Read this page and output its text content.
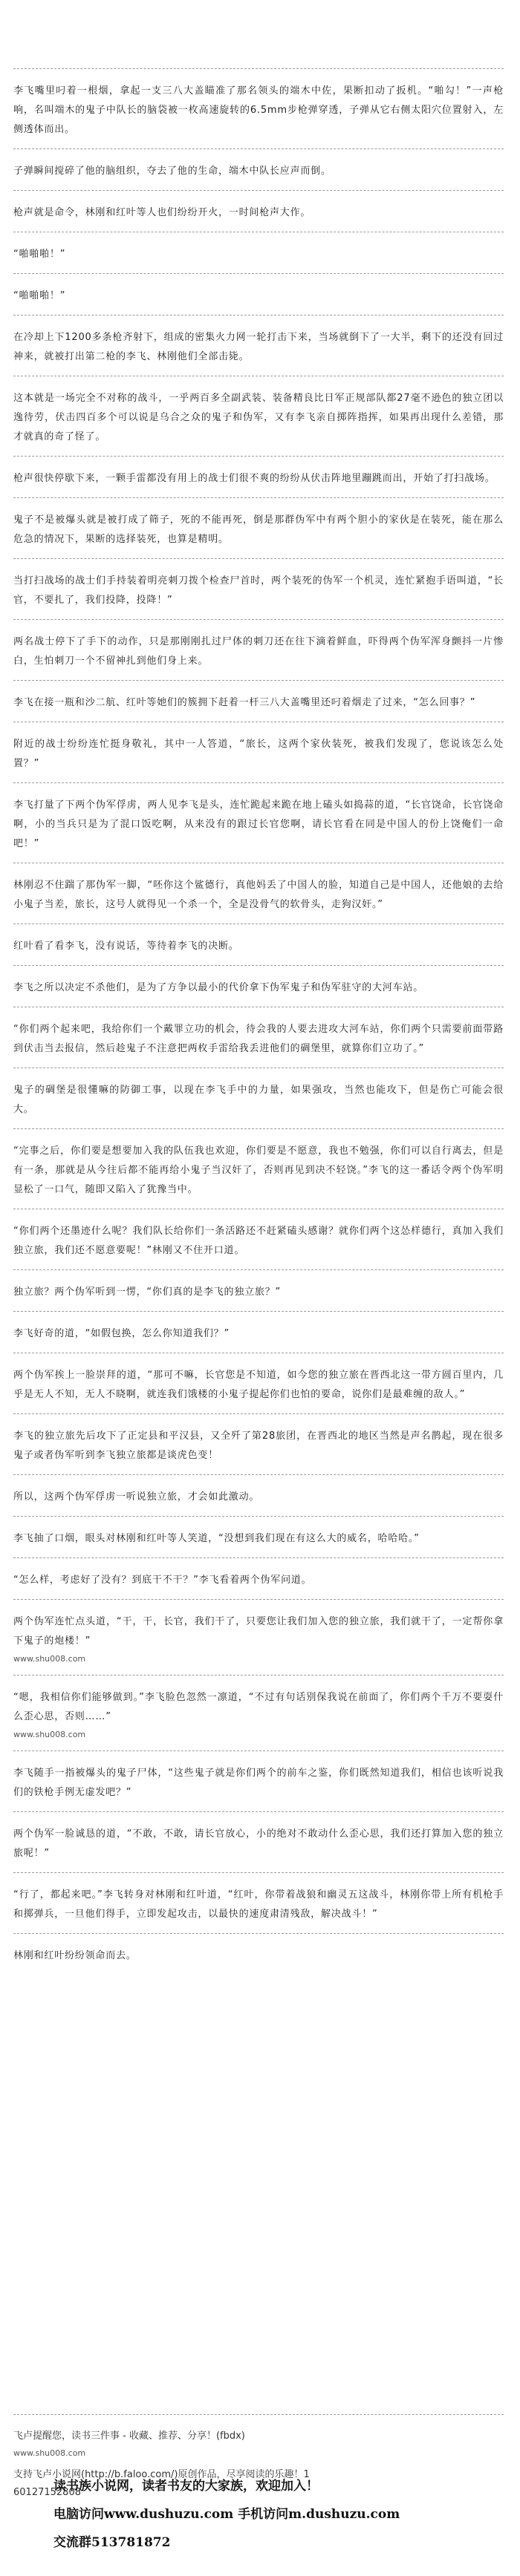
李飞嘴里叼着一根烟，拿起一支三八大盖瞄准了那名领头的端木中佐，果断扣动了扳机。“啪勾！”一声枪响，名叫端木的鬼子中队长的脑袋被一枚高速旋转的6.5mm步枪弹穿透，子弹从它右侧太阳穴位置射入，左侧透体而出。

子弹瞬间搅碎了他的脑组织，夺去了他的生命，端木中队长应声而倒。

枪声就是命令，林刚和红叶等人也们纷纷开火，一时间枪声大作。

“啪啪啪！”

“啪啪啪！”

在冷却上下1200多条枪齐射下，组成的密集火力网一轮打击下来，当场就倒下了一大半，剩下的还没有回过神来，就被打出第二枪的李飞、林刚他们全部击毙。

这本就是一场完全不对称的战斗，一乎两百多全副武装、装备精良比日军正规部队都27毫不逊色的独立团以逸待劳，伏击四百多个可以说是乌合之众的鬼子和伪军，又有李飞亲自掷阵指挥，如果再出现什么差错，那才就真的奇了怪了。

枪声很快停歇下来，一颗手雷都没有用上的战士们很不爽的纷纷从伏击阵地里蹦跳而出，开始了打扫战场。

鬼子不是被爆头就是被打成了筛子，死的不能再死，倒是那群伪军中有两个胆小的家伙是在装死，能在那么危急的情况下，果断的选择装死，也算是精明。

当打扫战场的战士们手持装着明亮刺刀拨个检查尸首时，两个装死的伪军一个机灵，连忙紧抱手语叫道，“长官，不要扎了，我们投降，投降！”

两名战士停下了手下的动作，只是那刚刚扎过尸体的刺刀还在往下滴着鲜血，吓得两个伪军浑身颤抖一片惨白，生怕刺刀一个不留神扎到他们身上来。

李飞在接一瓶和沙二航、红叶等她们的簇拥下赶着一杆三八大盖嘴里还叼着烟走了过来，“怎么回事？”

附近的战士纷纷连忙挺身敬礼，其中一人答道，“旅长，这两个家伙装死，被我们发现了，您说该怎么处置？”

李飞打量了下两个伪军俘虏，两人见李飞是头，连忙跪起来跪在地上磕头如捣蒜的道，“长官饶命，长官饶命啊，小的当兵只是为了混口饭吃啊，从来没有的跟过长官您啊，请长官看在同是中国人的份上饶俺们一命吧！”

林刚忍不住踹了那伪军一脚，“呸你这个鲨德行，真他妈丢了中国人的脸，知道自己是中国人，还他娘的去给小鬼子当差，旅长，这号人就得见一个杀一个，全是没骨气的软骨头，走狗汉奸。”

红叶看了看李飞，没有说话，等待着李飞的决断。

李飞之所以决定不杀他们，是为了方争以最小的代价拿下伪军鬼子和伪军驻守的大河车站。

“你们两个起来吧，我给你们一个戴罪立功的机会，待会我的人要去进攻大河车站，你们两个只需要前面带路到伏击当去报信，然后趁鬼子不注意把两枚手雷给我丢进他们的碉堡里，就算你们立功了。”

鬼子的碉堡是很懂嘛的防御工事，以现在李飞手中的力量，如果强攻，当然也能攻下，但是伤亡可能会很大。

“完事之后，你们要是想要加入我的队伍我也欢迎，你们要是不愿意，我也不勉强，你们可以自行离去，但是有一条，那就是从今往后都不能再给小鬼子当汉奸了，否则再见到决不轻饶。”李飞的这一番话令两个伪军明显松了一口气，随即又陷入了犹豫当中。

“你们两个还墨迹什么呢？我们队长给你们一条活路还不赶紧磕头感谢？就你们两个这怂样德行，真加入我们独立旅，我们还不愿意要呢！”林刚又不住开口道。

独立旅？两个伪军听到一愣，“你们真的是李飞的独立旅？”

李飞好奇的道，“如假包换，怎么你知道我们？”

两个伪军挨上一脸崇拜的道，“那可不嘛，长官您是不知道，如今您的独立旅在晋西北这一带方圆百里内，几乎是无人不知，无人不晓啊，就连我们饿楼的小鬼子提起你们也怕的要命，说你们是最难缠的敌人。”

李飞的独立旅先后攻下了正定县和平汉县，又全歼了第28旅团，在晋西北的地区当然是声名鹊起，现在很多鬼子或者伪军听到李飞独立旅都是谈虎色变！

所以，这两个伪军俘虏一听说独立旅，才会如此激动。

李飞抽了口烟，眼头对林刚和红叶等人笑道，“没想到我们现在有这么大的威名，哈哈哈。”

“怎么样，考虑好了没有？到底干不干？”李飞看着两个伪军问道。

两个伪军连忙点头道，“干，干，长官，我们干了，只要您让我们加入您的独立旅，我们就干了，一定帮你拿下鬼子的炮楼！”

www.shu008.com

“嗯，我相信你们能够做到。”李飞脸色忽然一凛道，“不过有句话别保我说在前面了，你们两个千万不要耍什么歪心思，否则……”

www.shu008.com

李飞随手一指被爆头的鬼子尸体，“这些鬼子就是你们两个的前车之鉴，你们既然知道我们，相信也该听说我们的铁枪手例无虚发吧？”

两个伪军一脸诚恳的道，“不敢，不敢，请长官放心，小的绝对不敢动什么歪心思，我们还打算加入您的独立旅呢！”

“行了，都起来吧。”李飞转身对林刚和红叶道，“红叶，你带着战狼和幽灵五这战斗，林刚你带上所有机枪手和掷弹兵，一旦他们得手，立即发起攻击，以最快的速度肃清残敌，解决战斗！”

林刚和红叶纷纷领命而去。

飞卢提醒您，读书三件事 - 收藏、推荐、分享！(fbdx)
www.shu008.com
支持飞卢小说网(http://b.faloo.com/)原创作品，尽享阅读的乐趣！1
60127152808
读书族小说网，读者书友的大家族，欢迎加入！
电脑访问www.dushuzu.com 手机访问m.dushuzu.com
交流群513781872
